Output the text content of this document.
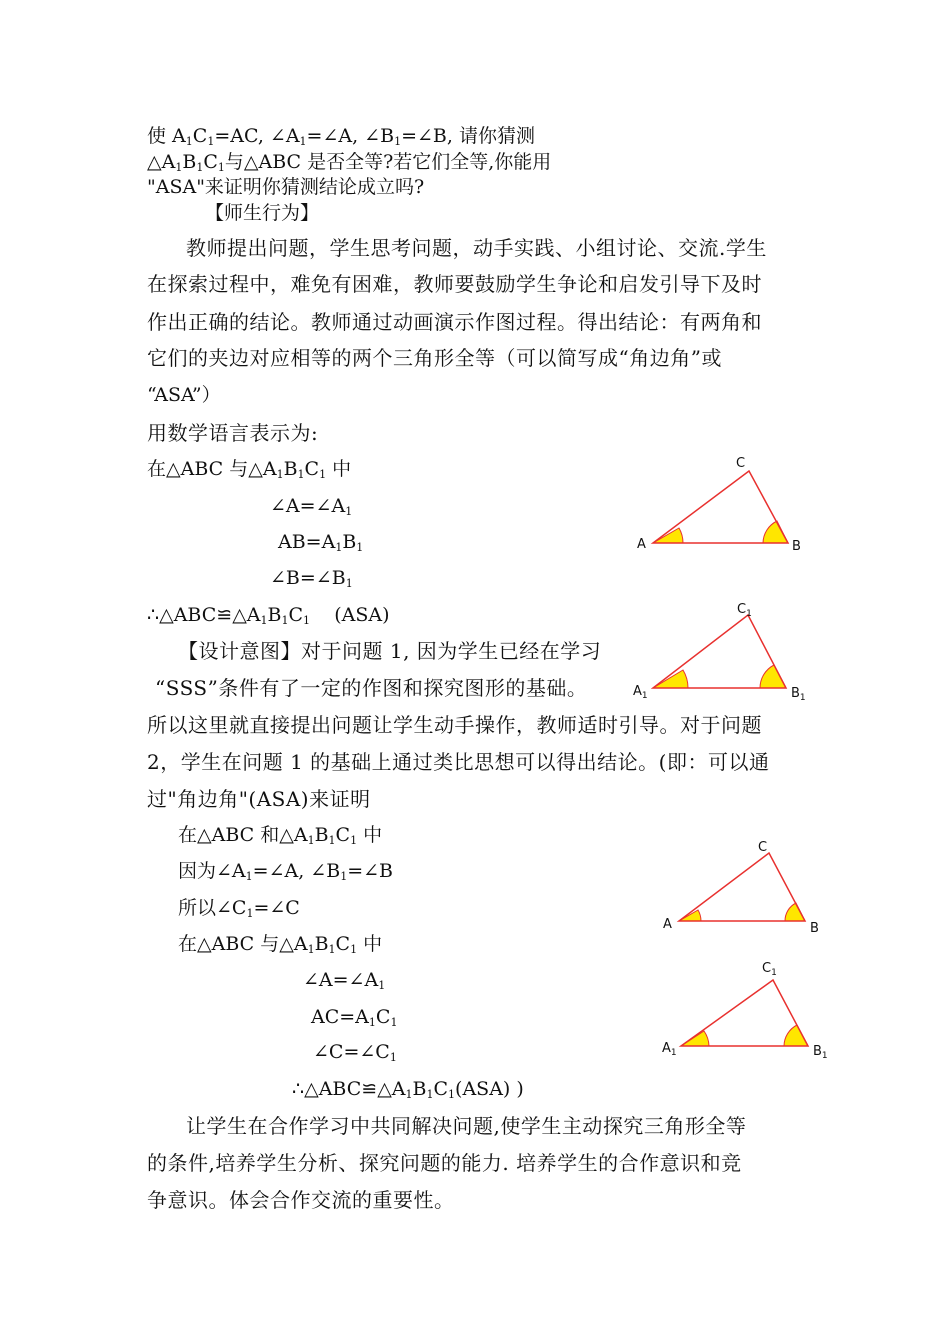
使 $A_1C_1=AC$, $\angle A_1=\angle A$, $\angle B_1=\angle B$, 请你猜测
$\triangle A_1B_1C_1$与△ABC 是否全等?若它们全等,你能用
"ASA"来证明你猜测结论成立吗?
【师生行为】
教师提出问题，学生思考问题，动手实践、小组讨论、交流.学生
在探索过程中，难免有困难，教师要鼓励学生争论和启发引导下及时
作出正确的结论。教师通过动画演示作图过程。得出结论：有两角和
它们的夹边对应相等的两个三角形全等（可以简写成“角边角”或
“ASA”）
用数学语言表示为:
在△ABC 与$\triangle A_1B_1C_1$ 中
$\angle A=\angle A_1$
$AB=A_1B_1$
$\angle B=\angle B_1$
$\therefore\triangle ABC≌\triangle A_1B_1C_1$    (ASA)
【设计意图】对于问题 1, 因为学生已经在学习
“SSS”条件有了一定的作图和探究图形的基础。
所以这里就直接提出问题让学生动手操作，教师适时引导。对于问题
2，学生在问题 1 的基础上通过类比思想可以得出结论。(即：可以通
过"角边角"(ASA)来证明
在△ABC 和$\triangle A_1B_1C_1$ 中
因为$\angle A_1=\angle A$, $\angle B_1=\angle B$
所以$\angle C_1=\angle C$
在△ABC 与$\triangle A_1B_1C_1$ 中
$\angle A=\angle A_1$
$AC=A_1C_1$
$\angle C=\angle C_1$
$\therefore\triangle ABC≌\triangle A_1B_1C_1(ASA)$ )
让学生在合作学习中共同解决问题,使学生主动探究三角形全等
的条件,培养学生分析、探究问题的能力. 培养学生的合作意识和竞
争意识。体会合作交流的重要性。
A	B
C
$A_1$	$B_1$
$C_1$
A	B
C
$A_1$	$B_1$
$C_1$
